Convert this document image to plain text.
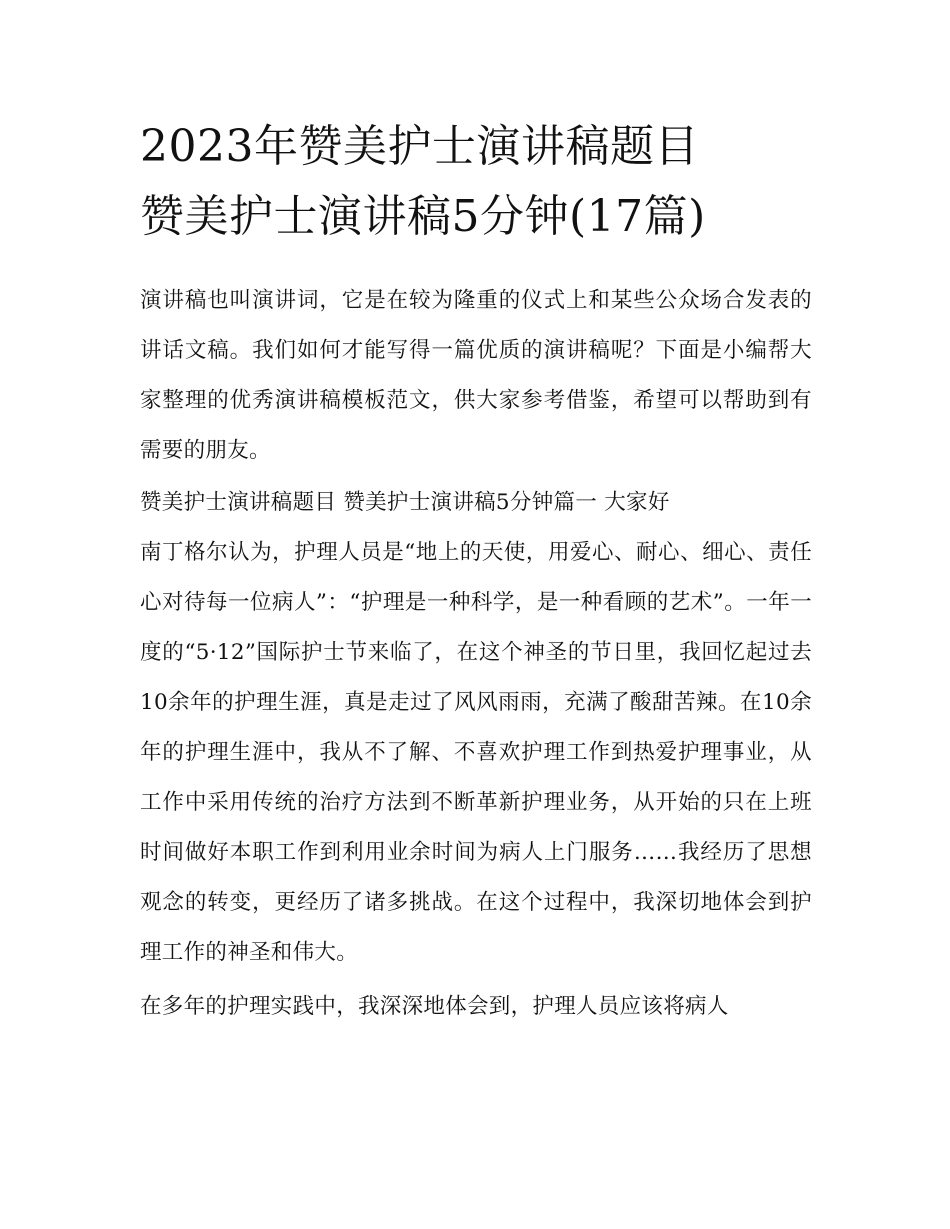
2023年赞美护士演讲稿题目
赞美护士演讲稿5分钟(17篇)

演讲稿也叫演讲词，它是在较为隆重的仪式上和某些公众场合发表的讲话文稿。我们如何才能写得一篇优质的演讲稿呢？下面是小编帮大家整理的优秀演讲稿模板范文，供大家参考借鉴，希望可以帮助到有需要的朋友。

赞美护士演讲稿题目 赞美护士演讲稿5分钟篇一 大家好

南丁格尔认为，护理人员是“地上的天使，用爱心、耐心、细心、责任心对待每一位病人”：“护理是一种科学，是一种看顾的艺术”。一年一度的“5·12”国际护士节来临了，在这个神圣的节日里，我回忆起过去10余年的护理生涯，真是走过了风风雨雨，充满了酸甜苦辣。在10余年的护理生涯中，我从不了解、不喜欢护理工作到热爱护理事业，从工作中采用传统的治疗方法到不断革新护理业务，从开始的只在上班时间做好本职工作到利用业余时间为病人上门服务……我经历了思想观念的转变，更经历了诸多挑战。在这个过程中，我深切地体会到护理工作的神圣和伟大。

在多年的护理实践中，我深深地体会到，护理人员应该将病人
